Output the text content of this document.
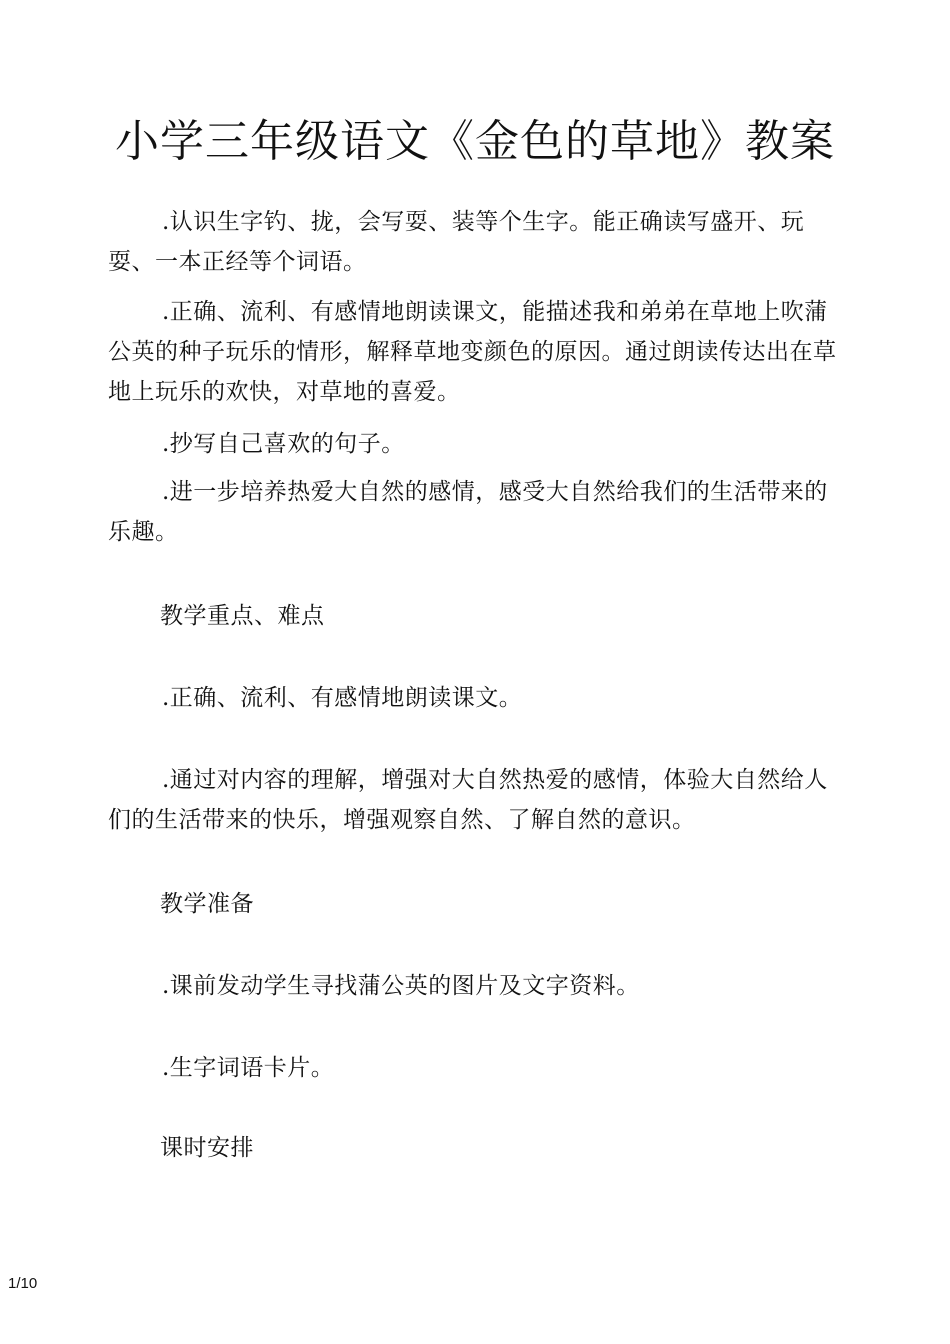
小学三年级语文《金色的草地》教案

.认识生字钓、拢，会写耍、装等个生字。能正确读写盛开、玩耍、一本正经等个词语。

.正确、流利、有感情地朗读课文，能描述我和弟弟在草地上吹蒲公英的种子玩乐的情形，解释草地变颜色的原因。通过朗读传达出在草地上玩乐的欢快，对草地的喜爱。

.抄写自己喜欢的句子。

.进一步培养热爱大自然的感情，感受大自然给我们的生活带来的乐趣。

教学重点、难点

.正确、流利、有感情地朗读课文。

.通过对内容的理解，增强对大自然热爱的感情，体验大自然给人们的生活带来的快乐，增强观察自然、了解自然的意识。

教学准备

.课前发动学生寻找蒲公英的图片及文字资料。

.生字词语卡片。

课时安排

1/10
